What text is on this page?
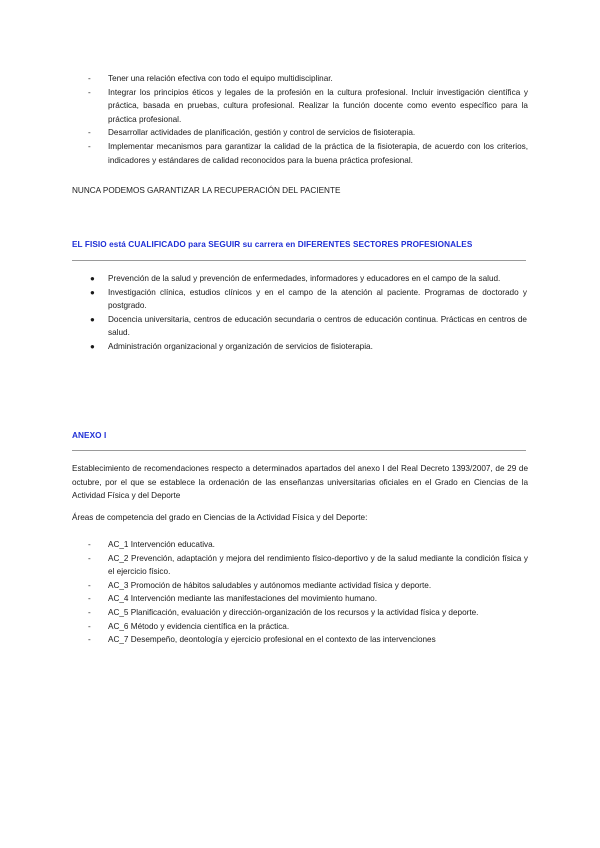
- Tener una relación efectiva con todo el equipo multidisciplinar.
- Integrar los principios éticos y legales de la profesión en la cultura profesional. Incluir investigación científica y práctica, basada en pruebas, cultura profesional. Realizar la función docente como evento específico para la práctica profesional.
- Desarrollar actividades de planificación, gestión y control de servicios de fisioterapia.
- Implementar mecanismos para garantizar la calidad de la práctica de la fisioterapia, de acuerdo con los criterios, indicadores y estándares de calidad reconocidos para la buena práctica profesional.
NUNCA PODEMOS GARANTIZAR LA RECUPERACIÓN DEL PACIENTE
EL FISIO está CUALIFICADO para SEGUIR su carrera en DIFERENTES SECTORES PROFESIONALES
● Prevención de la salud y prevención de enfermedades, informadores y educadores en el campo de la salud.
● Investigación clínica, estudios clínicos y en el campo de la atención al paciente. Programas de doctorado y postgrado.
● Docencia universitaria, centros de educación secundaria o centros de educación continua. Prácticas en centros de salud.
● Administración organizacional y organización de servicios de fisioterapia.
ANEXO I
Establecimiento de recomendaciones respecto a determinados apartados del anexo I del Real Decreto 1393/2007, de 29 de octubre, por el que se establece la ordenación de las enseñanzas universitarias oficiales en el Grado en Ciencias de la Actividad Física y del Deporte
Áreas de competencia del grado en Ciencias de la Actividad Física y del Deporte:
- AC_1 Intervención educativa.
- AC_2 Prevención, adaptación y mejora del rendimiento físico-deportivo y de la salud mediante la condición física y el ejercicio físico.
- AC_3 Promoción de hábitos saludables y autónomos mediante actividad física y deporte.
- AC_4 Intervención mediante las manifestaciones del movimiento humano.
- AC_5 Planificación, evaluación y dirección-organización de los recursos y la actividad física y deporte.
- AC_6 Método y evidencia científica en la práctica.
- AC_7 Desempeño, deontología y ejercicio profesional en el contexto de las intervenciones
